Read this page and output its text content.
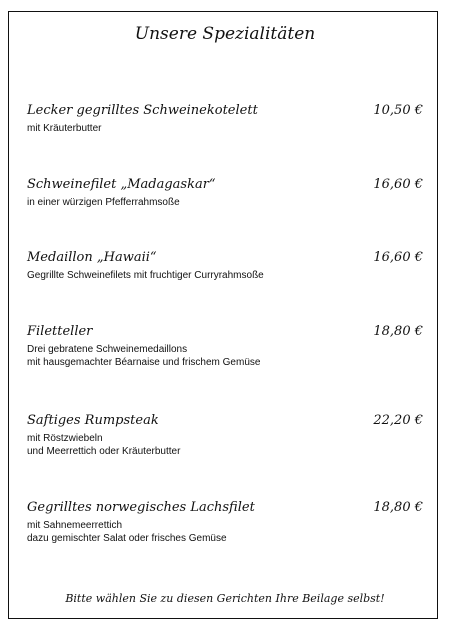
Unsere Spezialitäten
Lecker gegrilltes Schweinekotelett	10,50 €
mit Kräuterbutter
Schweinefilet „Madagaskar“	16,60 €
in einer würzigen Pfefferrahmsoße
Medaillon „Hawaii“	16,60 €
Gegrillte Schweinefilets mit fruchtiger Curryrahmsoße
Filetteller	18,80 €
Drei gebratene Schweinemedaillons
mit hausgemachter Béarnaise und frischem Gemüse
Saftiges Rumpsteak	22,20 €
mit Röstzwiebeln
und Meerrettich oder Kräuterbutter
Gegrilltes norwegisches Lachsfilet	18,80 €
mit Sahnemeerrettich
dazu gemischter Salat oder frisches Gemüse
Bitte wählen Sie zu diesen Gerichten Ihre Beilage selbst!
